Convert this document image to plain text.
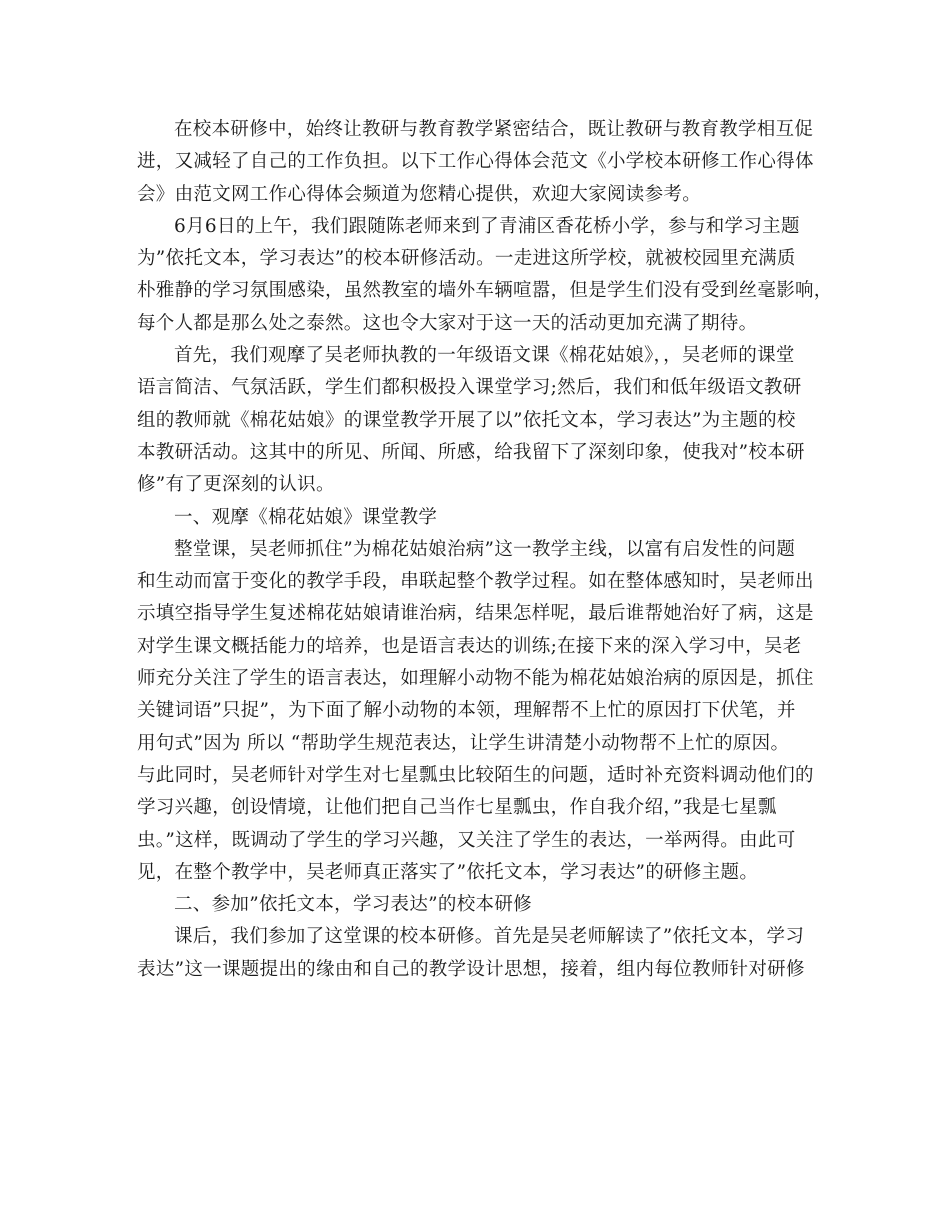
在校本研修中，始终让教研与教育教学紧密结合，既让教研与教育教学相互促
进，又减轻了自己的工作负担。以下工作心得体会范文《小学校本研修工作心得体
会》由范文网工作心得体会频道为您精心提供，欢迎大家阅读参考。
6月6日的上午，我们跟随陈老师来到了青浦区香花桥小学，参与和学习主题
为”依托文本，学习表达”的校本研修活动。一走进这所学校，就被校园里充满质
朴雅静的学习氛围感染，虽然教室的墙外车辆喧嚣，但是学生们没有受到丝毫影响，
每个人都是那么处之泰然。这也令大家对于这一天的活动更加充满了期待。
首先，我们观摩了吴老师执教的一年级语文课《棉花姑娘》，，吴老师的课堂
语言简洁、气氛活跃，学生们都积极投入课堂学习;然后，我们和低年级语文教研
组的教师就《棉花姑娘》的课堂教学开展了以”依托文本，学习表达”为主题的校
本教研活动。这其中的所见、所闻、所感，给我留下了深刻印象，使我对”校本研
修”有了更深刻的认识。
一、观摩《棉花姑娘》课堂教学
整堂课，吴老师抓住”为棉花姑娘治病”这一教学主线，以富有启发性的问题
和生动而富于变化的教学手段，串联起整个教学过程。如在整体感知时，吴老师出
示填空指导学生复述棉花姑娘请谁治病，结果怎样呢，最后谁帮她治好了病，这是
对学生课文概括能力的培养，也是语言表达的训练;在接下来的深入学习中，吴老
师充分关注了学生的语言表达，如理解小动物不能为棉花姑娘治病的原因是，抓住
关键词语”只捉”，为下面了解小动物的本领，理解帮不上忙的原因打下伏笔，并
用句式”因为 所以 “帮助学生规范表达，让学生讲清楚小动物帮不上忙的原因。
与此同时，吴老师针对学生对七星瓢虫比较陌生的问题，适时补充资料调动他们的
学习兴趣，创设情境，让他们把自己当作七星瓢虫，作自我介绍，”我是七星瓢
虫。”这样，既调动了学生的学习兴趣，又关注了学生的表达，一举两得。由此可
见，在整个教学中，吴老师真正落实了”依托文本，学习表达”的研修主题。
二、参加”依托文本，学习表达”的校本研修
课后，我们参加了这堂课的校本研修。首先是吴老师解读了”依托文本，学习
表达”这一课题提出的缘由和自己的教学设计思想，接着，组内每位教师针对研修
